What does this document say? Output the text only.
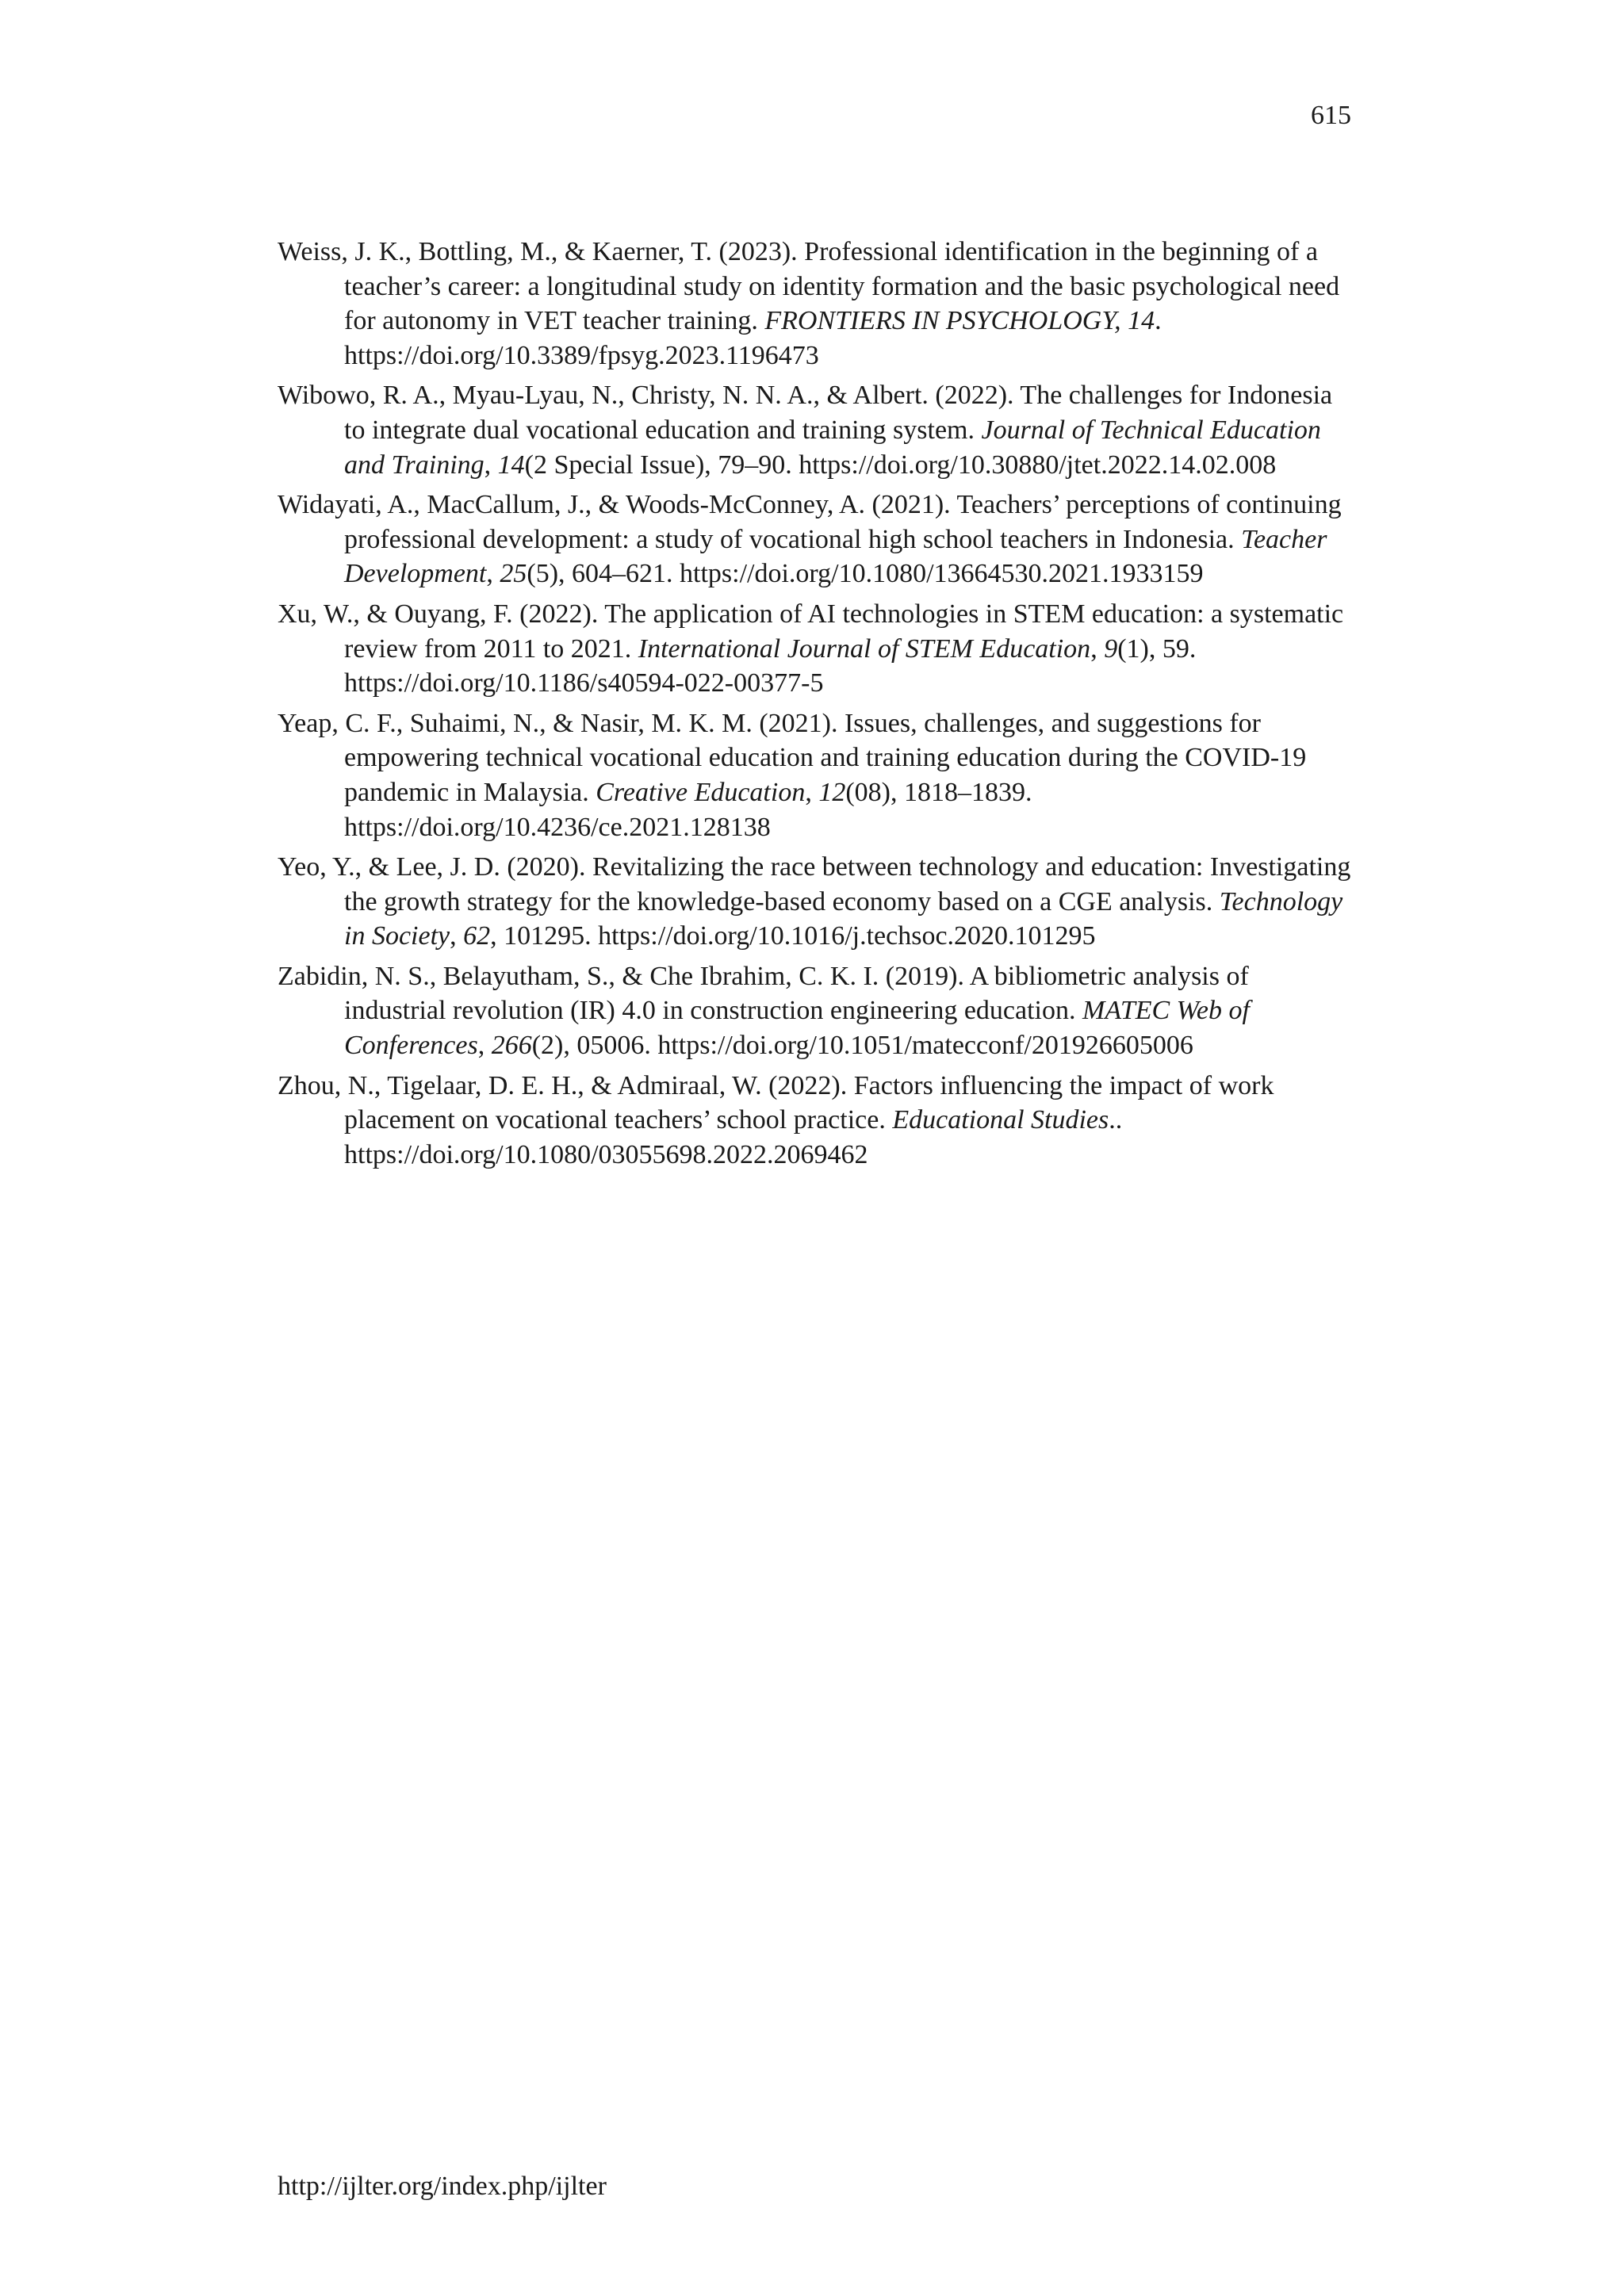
615
Weiss, J. K., Bottling, M., & Kaerner, T. (2023). Professional identification in the beginning of a teacher’s career: a longitudinal study on identity formation and the basic psychological need for autonomy in VET teacher training. FRONTIERS IN PSYCHOLOGY, 14. https://doi.org/10.3389/fpsyg.2023.1196473
Wibowo, R. A., Myau-Lyau, N., Christy, N. N. A., & Albert. (2022). The challenges for Indonesia to integrate dual vocational education and training system. Journal of Technical Education and Training, 14(2 Special Issue), 79–90. https://doi.org/10.30880/jtet.2022.14.02.008
Widayati, A., MacCallum, J., & Woods-McConney, A. (2021). Teachers’ perceptions of continuing professional development: a study of vocational high school teachers in Indonesia. Teacher Development, 25(5), 604–621. https://doi.org/10.1080/13664530.2021.1933159
Xu, W., & Ouyang, F. (2022). The application of AI technologies in STEM education: a systematic review from 2011 to 2021. International Journal of STEM Education, 9(1), 59. https://doi.org/10.1186/s40594-022-00377-5
Yeap, C. F., Suhaimi, N., & Nasir, M. K. M. (2021). Issues, challenges, and suggestions for empowering technical vocational education and training education during the COVID-19 pandemic in Malaysia. Creative Education, 12(08), 1818–1839. https://doi.org/10.4236/ce.2021.128138
Yeo, Y., & Lee, J. D. (2020). Revitalizing the race between technology and education: Investigating the growth strategy for the knowledge-based economy based on a CGE analysis. Technology in Society, 62, 101295. https://doi.org/10.1016/j.techsoc.2020.101295
Zabidin, N. S., Belayutham, S., & Che Ibrahim, C. K. I. (2019). A bibliometric analysis of industrial revolution (IR) 4.0 in construction engineering education. MATEC Web of Conferences, 266(2), 05006. https://doi.org/10.1051/matecconf/201926605006
Zhou, N., Tigelaar, D. E. H., & Admiraal, W. (2022). Factors influencing the impact of work placement on vocational teachers’ school practice. Educational Studies.. https://doi.org/10.1080/03055698.2022.2069462
http://ijlter.org/index.php/ijlter
